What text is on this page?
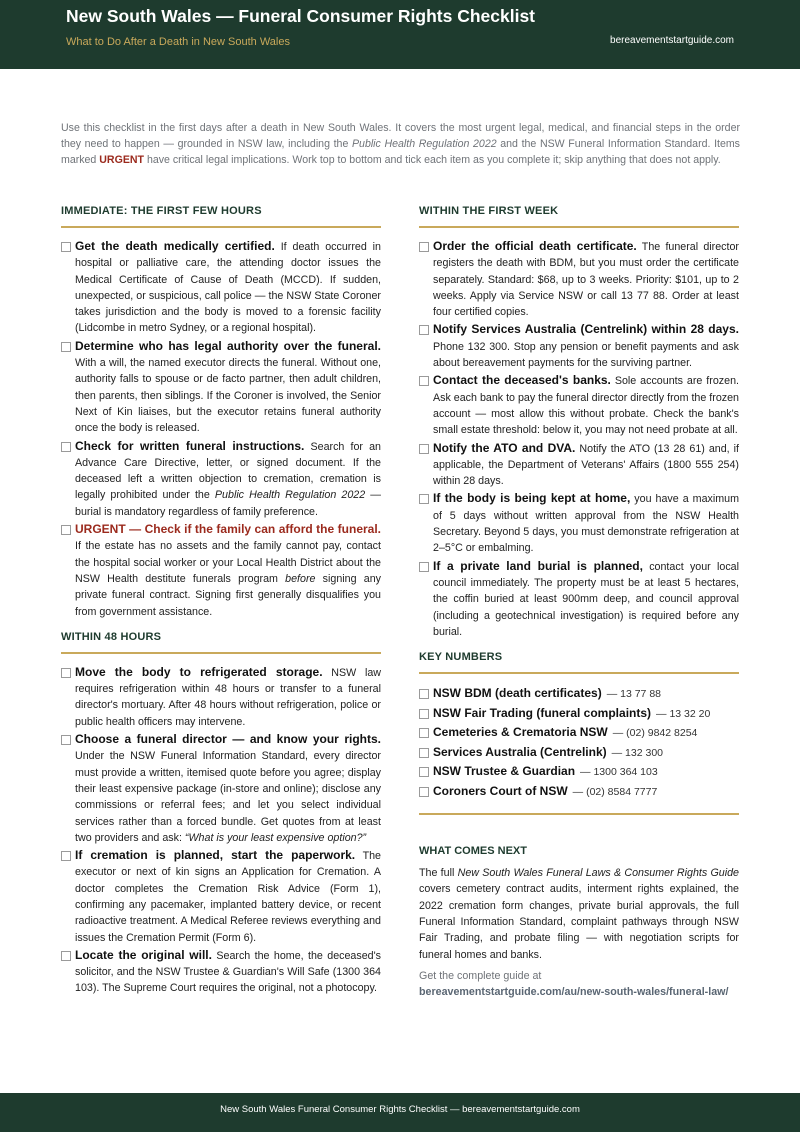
New South Wales — Funeral Consumer Rights Checklist
What to Do After a Death in New South Wales	bereavementstartguide.com
Use this checklist in the first days after a death in New South Wales. It covers the most urgent legal, medical, and financial steps in the order they need to happen — grounded in NSW law, including the Public Health Regulation 2022 and the NSW Funeral Information Standard. Items marked URGENT have critical legal implications. Work top to bottom and tick each item as you complete it; skip anything that does not apply.
IMMEDIATE: THE FIRST FEW HOURS
Get the death medically certified. If death occurred in hospital or palliative care, the attending doctor issues the Medical Certificate of Cause of Death (MCCD). If sudden, unexpected, or suspicious, call police — the NSW State Coroner takes jurisdiction and the body is moved to a forensic facility (Lidcombe in metro Sydney, or a regional hospital).
Determine who has legal authority over the funeral. With a will, the named executor directs the funeral. Without one, authority falls to spouse or de facto partner, then adult children, then parents, then siblings. If the Coroner is involved, the Senior Next of Kin liaises, but the executor retains funeral authority once the body is released.
Check for written funeral instructions. Search for an Advance Care Directive, letter, or signed document. If the deceased left a written objection to cremation, cremation is legally prohibited under the Public Health Regulation 2022 — burial is mandatory regardless of family preference.
URGENT — Check if the family can afford the funeral. If the estate has no assets and the family cannot pay, contact the hospital social worker or your Local Health District about the NSW Health destitute funerals program before signing any private funeral contract. Signing first generally disqualifies you from government assistance.
WITHIN 48 HOURS
Move the body to refrigerated storage. NSW law requires refrigeration within 48 hours or transfer to a funeral director's mortuary. After 48 hours without refrigeration, police or public health officers may intervene.
Choose a funeral director — and know your rights. Under the NSW Funeral Information Standard, every director must provide a written, itemised quote before you agree; display their least expensive package (in-store and online); disclose any commissions or referral fees; and let you select individual services rather than a forced bundle. Get quotes from at least two providers and ask: “What is your least expensive option?”
If cremation is planned, start the paperwork. The executor or next of kin signs an Application for Cremation. A doctor completes the Cremation Risk Advice (Form 1), confirming any pacemaker, implanted battery device, or recent radioactive treatment. A Medical Referee reviews everything and issues the Cremation Permit (Form 6).
Locate the original will. Search the home, the deceased's solicitor, and the NSW Trustee & Guardian's Will Safe (1300 364 103). The Supreme Court requires the original, not a photocopy.
WITHIN THE FIRST WEEK
Order the official death certificate. The funeral director registers the death with BDM, but you must order the certificate separately. Standard: $68, up to 3 weeks. Priority: $101, up to 2 weeks. Apply via Service NSW or call 13 77 88. Order at least four certified copies.
Notify Services Australia (Centrelink) within 28 days. Phone 132 300. Stop any pension or benefit payments and ask about bereavement payments for the surviving partner.
Contact the deceased's banks. Sole accounts are frozen. Ask each bank to pay the funeral director directly from the frozen account — most allow this without probate. Check the bank's small estate threshold: below it, you may not need probate at all.
Notify the ATO and DVA. Notify the ATO (13 28 61) and, if applicable, the Department of Veterans' Affairs (1800 555 254) within 28 days.
If the body is being kept at home, you have a maximum of 5 days without written approval from the NSW Health Secretary. Beyond 5 days, you must demonstrate refrigeration at 2–5°C or embalming.
If a private land burial is planned, contact your local council immediately. The property must be at least 5 hectares, the coffin buried at least 900mm deep, and council approval (including a geotechnical investigation) is required before any burial.
KEY NUMBERS
NSW BDM (death certificates) — 13 77 88
NSW Fair Trading (funeral complaints) — 13 32 20
Cemeteries & Crematoria NSW — (02) 9842 8254
Services Australia (Centrelink) — 132 300
NSW Trustee & Guardian — 1300 364 103
Coroners Court of NSW — (02) 8584 7777
WHAT COMES NEXT
The full New South Wales Funeral Laws & Consumer Rights Guide covers cemetery contract audits, interment rights explained, the 2022 cremation form changes, private burial approvals, the full Funeral Information Standard, complaint pathways through NSW Fair Trading, and probate filing — with negotiation scripts for funeral homes and banks.
Get the complete guide at
bereavementstartguide.com/au/new-south-wales/funeral-law/
New South Wales Funeral Consumer Rights Checklist — bereavementstartguide.com
